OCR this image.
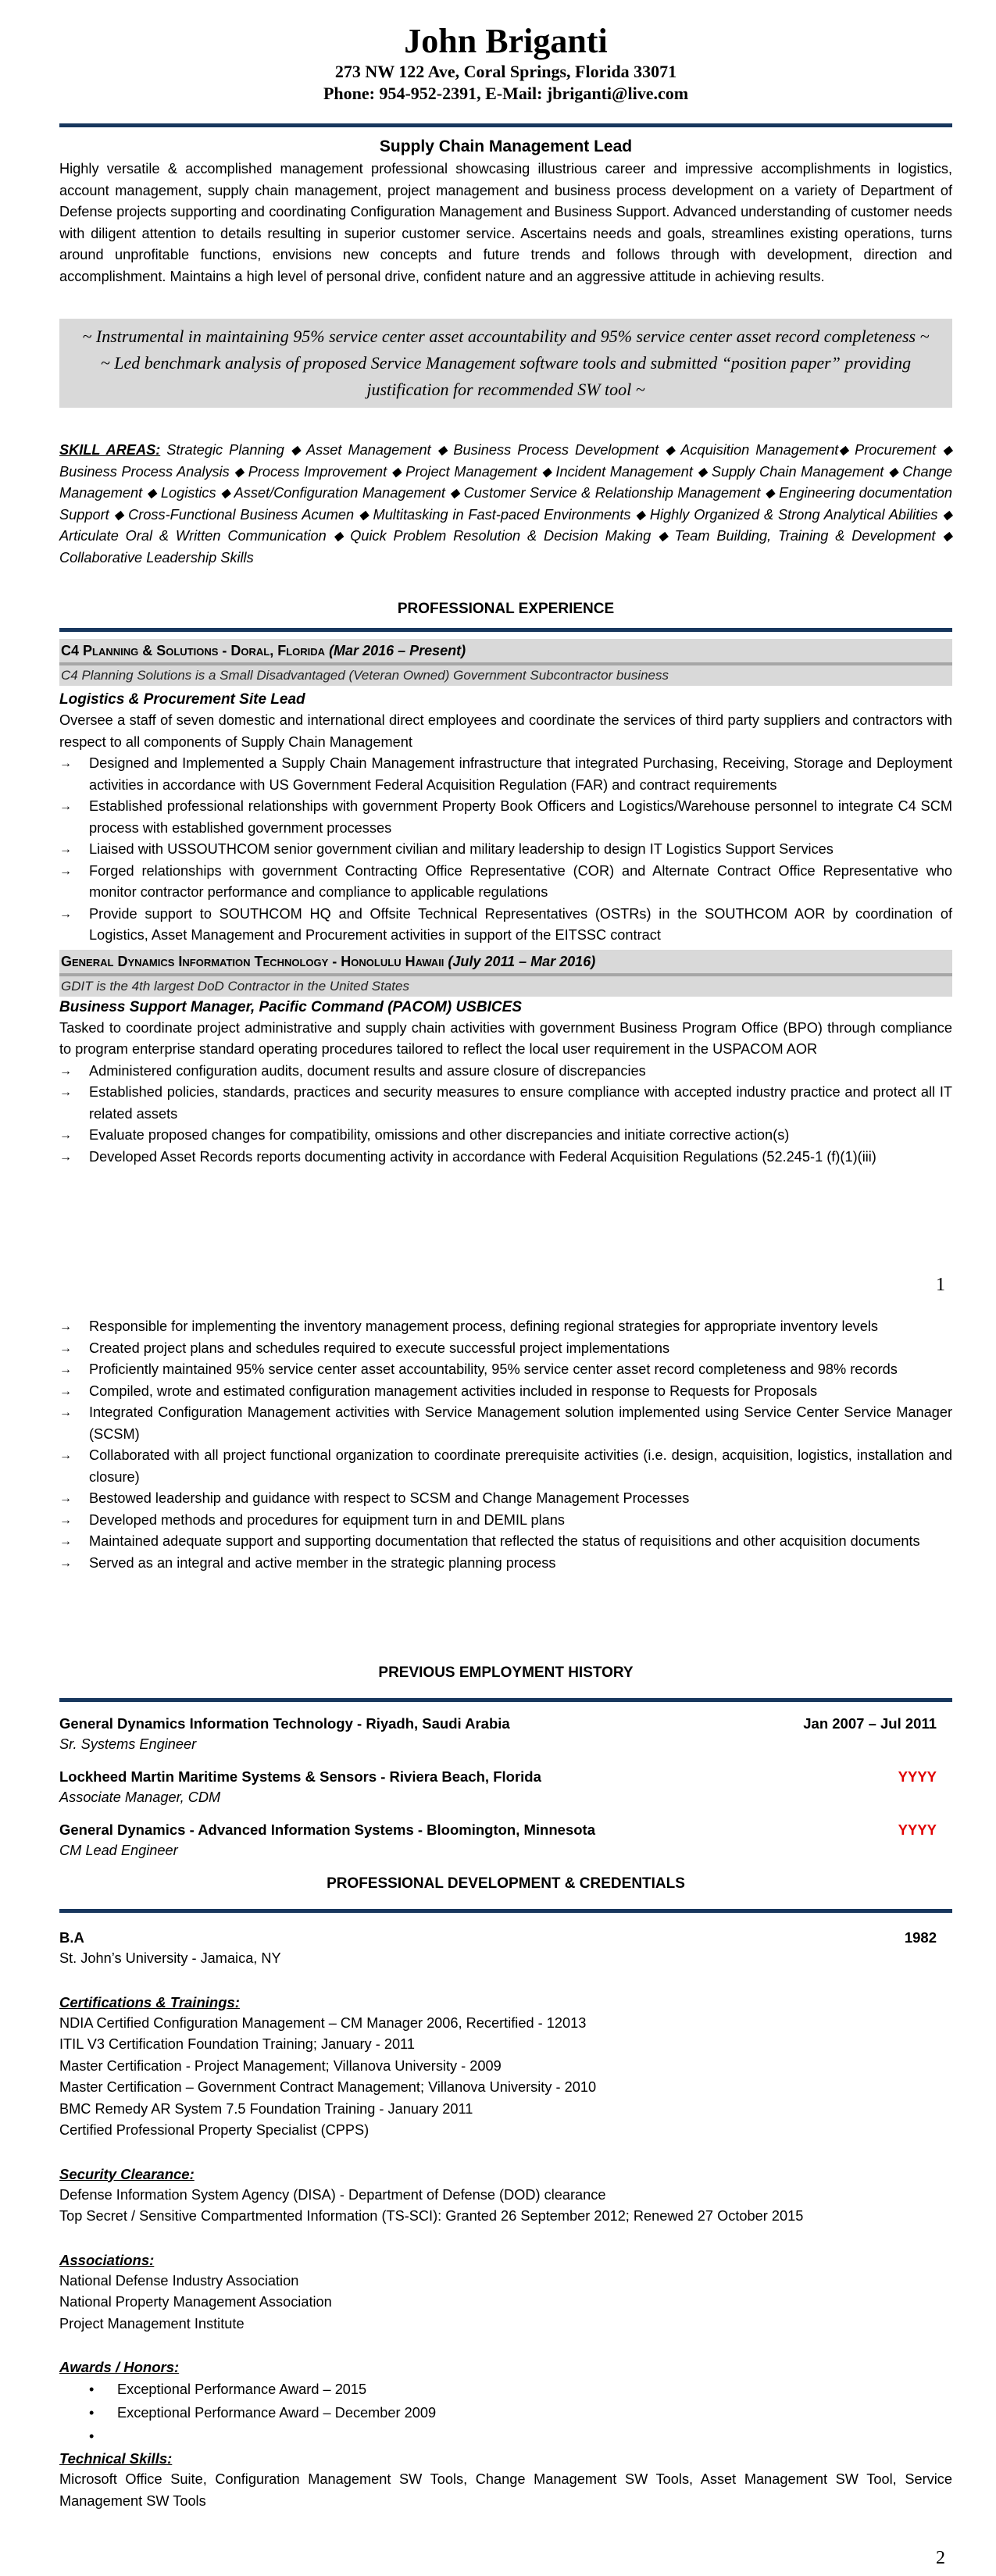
John Briganti
273 NW 122 Ave, Coral Springs, Florida 33071
Phone: 954-952-2391, E-Mail: jbriganti@live.com
Supply Chain Management Lead
Highly versatile & accomplished management professional showcasing illustrious career and impressive accomplishments in logistics, account management, supply chain management, project management and business process development on a variety of Department of Defense projects supporting and coordinating Configuration Management and Business Support. Advanced understanding of customer needs with diligent attention to details resulting in superior customer service. Ascertains needs and goals, streamlines existing operations, turns around unprofitable functions, envisions new concepts and future trends and follows through with development, direction and accomplishment. Maintains a high level of personal drive, confident nature and an aggressive attitude in achieving results.
~ Instrumental in maintaining 95% service center asset accountability and 95% service center asset record completeness ~
~ Led benchmark analysis of proposed Service Management software tools and submitted “position paper” providing justification for recommended SW tool ~
SKILL AREAS: Strategic Planning ⬥ Asset Management ⬥ Business Process Development ⬥ Acquisition Management⬥ Procurement ⬥ Business Process Analysis ⬥ Process Improvement ⬥ Project Management ⬥ Incident Management ⬥ Supply Chain Management ⬥ Change Management ⬥ Logistics ⬥ Asset/Configuration Management ⬥ Customer Service & Relationship Management ⬥ Engineering documentation Support ⬥ Cross-Functional Business Acumen ⬥ Multitasking in Fast-paced Environments ⬥ Highly Organized & Strong Analytical Abilities ⬥ Articulate Oral & Written Communication ⬥ Quick Problem Resolution & Decision Making ⬥ Team Building, Training & Development ⬥ Collaborative Leadership Skills
PROFESSIONAL EXPERIENCE
C4 Planning & Solutions - Doral, Florida (Mar 2016 – Present)
C4 Planning Solutions is a Small Disadvantaged (Veteran Owned) Government Subcontractor business
Logistics & Procurement Site Lead
Oversee a staff of seven domestic and international direct employees and coordinate the services of third party suppliers and contractors with respect to all components of Supply Chain Management
→ Designed and Implemented a Supply Chain Management infrastructure that integrated Purchasing, Receiving, Storage and Deployment activities in accordance with US Government Federal Acquisition Regulation (FAR) and contract requirements
→ Established professional relationships with government Property Book Officers and Logistics/Warehouse personnel to integrate C4 SCM process with established government processes
→ Liaised with USSOUTHCOM senior government civilian and military leadership to design IT Logistics Support Services
→ Forged relationships with government Contracting Office Representative (COR) and Alternate Contract Office Representative who monitor contractor performance and compliance to applicable regulations
→ Provide support to SOUTHCOM HQ and Offsite Technical Representatives (OSTRs) in the SOUTHCOM AOR by coordination of Logistics, Asset Management and Procurement activities in support of the EITSSC contract
General Dynamics Information Technology - Honolulu Hawaii (July 2011 – Mar 2016)
GDIT is the 4th largest DoD Contractor in the United States
Business Support Manager, Pacific Command (PACOM) USBICES
Tasked to coordinate project administrative and supply chain activities with government Business Program Office (BPO) through compliance to program enterprise standard operating procedures tailored to reflect the local user requirement in the USPACOM AOR
→ Administered configuration audits, document results and assure closure of discrepancies
→ Established policies, standards, practices and security measures to ensure compliance with accepted industry practice and protect all IT related assets
→ Evaluate proposed changes for compatibility, omissions and other discrepancies and initiate corrective action(s)
→ Developed Asset Records reports documenting activity in accordance with Federal Acquisition Regulations (52.245-1 (f)(1)(iii)
1
→ Responsible for implementing the inventory management process, defining regional strategies for appropriate inventory levels
→ Created project plans and schedules required to execute successful project implementations
→ Proficiently maintained 95% service center asset accountability, 95% service center asset record completeness and 98% records
→ Compiled, wrote and estimated configuration management activities included in response to Requests for Proposals
→ Integrated Configuration Management activities with Service Management solution implemented using Service Center Service Manager (SCSM)
→ Collaborated with all project functional organization to coordinate prerequisite activities (i.e. design, acquisition, logistics, installation and closure)
→ Bestowed leadership and guidance with respect to SCSM and Change Management Processes
→ Developed methods and procedures for equipment turn in and DEMIL plans
→ Maintained adequate support and supporting documentation that reflected the status of requisitions and other acquisition documents
→ Served as an integral and active member in the strategic planning process
PREVIOUS EMPLOYMENT HISTORY
General Dynamics Information Technology - Riyadh, Saudi Arabia	Jan 2007 – Jul 2011
Sr. Systems Engineer
Lockheed Martin Maritime Systems & Sensors - Riviera Beach, Florida	YYYY
Associate Manager, CDM
General Dynamics - Advanced Information Systems - Bloomington, Minnesota	YYYY
CM Lead Engineer
PROFESSIONAL DEVELOPMENT & CREDENTIALS
B.A	1982
St. John’s University - Jamaica, NY
Certifications & Trainings:
NDIA Certified Configuration Management – CM Manager 2006, Recertified - 12013
ITIL V3 Certification Foundation Training; January - 2011
Master Certification - Project Management; Villanova University - 2009
Master Certification – Government Contract Management; Villanova University - 2010
BMC Remedy AR System 7.5 Foundation Training - January 2011
Certified Professional Property Specialist (CPPS)
Security Clearance:
Defense Information System Agency (DISA) - Department of Defense (DOD) clearance
Top Secret / Sensitive Compartmented Information (TS-SCI): Granted 26 September 2012; Renewed 27 October 2015
Associations:
National Defense Industry Association
National Property Management Association
Project Management Institute
Awards / Honors:
• Exceptional Performance Award – 2015
• Exceptional Performance Award – December 2009
•
Technical Skills:
Microsoft Office Suite, Configuration Management SW Tools, Change Management SW Tools, Asset Management SW Tool, Service Management SW Tools
2
